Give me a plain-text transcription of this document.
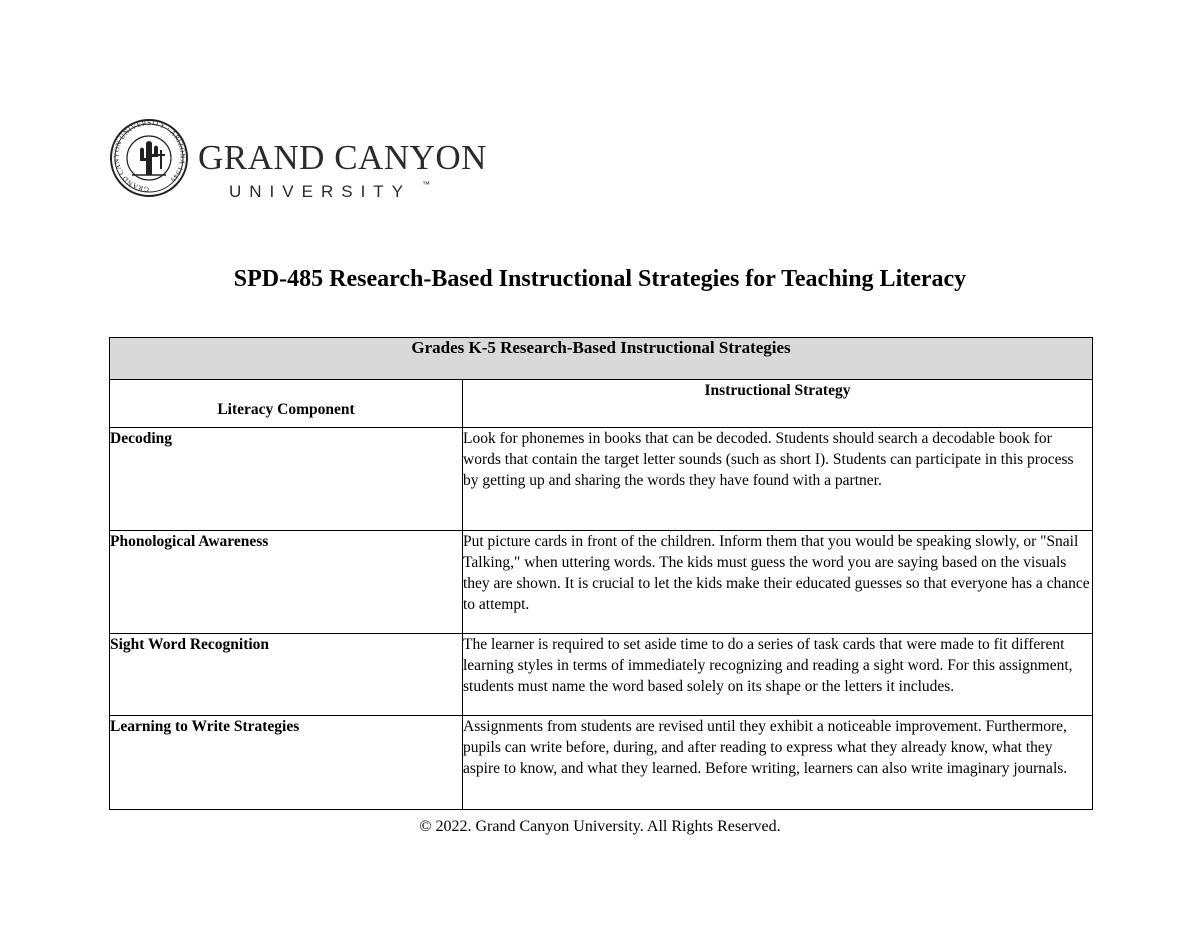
GRAND CANYON UNIVERSITY · ARIZONA 1949
GRAND CANYON
UNIVERSITY ™
SPD-485 Research-Based Instructional Strategies for Teaching Literacy
Grades K-5 Research-Based Instructional Strategies	
Literacy Component	Instructional Strategy
Decoding	Look for phonemes in books that can be decoded. Students should search a decodable book for words that contain the target letter sounds (such as short I). Students can participate in this process by getting up and sharing the words they have found with a partner.
Phonological Awareness	Put picture cards in front of the children. Inform them that you would be speaking slowly, or "Snail Talking," when uttering words. The kids must guess the word you are saying based on the visuals they are shown. It is crucial to let the kids make their educated guesses so that everyone has a chance to attempt.
Sight Word Recognition	The learner is required to set aside time to do a series of task cards that were made to fit different learning styles in terms of immediately recognizing and reading a sight word. For this assignment, students must name the word based solely on its shape or the letters it includes.
Learning to Write Strategies	Assignments from students are revised until they exhibit a noticeable improvement. Furthermore, pupils can write before, during, and after reading to express what they already know, what they aspire to know, and what they learned. Before writing, learners can also write imaginary journals.
© 2022. Grand Canyon University. All Rights Reserved.
